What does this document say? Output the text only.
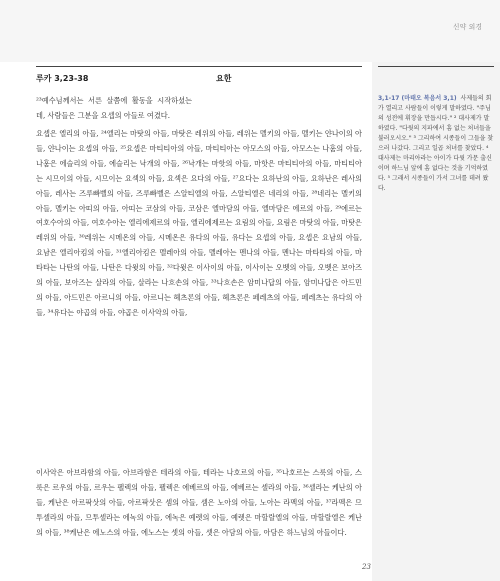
신약 외경
루카 3,23-38	요한

²³예수님께서는 서른 살쯤에 활동을 시작하셨는데, 사람들은 그분을 요셉의 아들로 여겼다.

요셉은 엘리의 아들, ²⁴엘리는 마탓의 아들, 마탓은 레위의 아들, 레위는 멜키의 아들, 멜키는 얀나이의 아들, 얀나이는 요셉의 아들, ²⁵요셉은 마티티아의 아들, 마티티아는 아모스의 아들, 아모스는 나훔의 아들, 나훔은 에슬리의 아들, 에슬리는 낙개의 아들, ²⁶낙개는 마핫의 아들, 마핫은 마티티아의 아들, 마티티아는 시므이의 아들, 시므이는 요섹의 아들, 요섹은 요다의 아들, ²⁷요다는 요하난의 아들, 요하난은 레사의 아들, 레사는 즈루빠벨의 아들, 즈루빠벨은 스알티엘의 아들, 스알티엘은 네리의 아들, ²⁸네리는 멜키의 아들, 멜키는 아띠의 아들, 아띠는 코삼의 아들, 코삼은 엘마담의 아들, 엘마담은 에르의 아들, ²⁹에르는 여호수아의 아들, 여호수아는 엘리에제르의 아들, 엘리에제르는 요림의 아들, 요림은 마탓의 아들, 마탓은 레위의 아들, ³⁰레위는 시메온의 아들, 시메온은 유다의 아들, 유다는 요셉의 아들, 요셉은 요남의 아들, 요남은 엘리아킴의 아들, ³¹엘리아킴은 멜레아의 아들, 멜레아는 멘나의 아들, 멘나는 마타타의 아들, 마타타는 나탄의 아들, 나탄은 다윗의 아들, ³²다윗은 이사이의 아들, 이사이는 오벳의 아들, 오벳은 보아즈의 아들, 보아즈는 살라의 아들, 살라는 나흐손의 아들, ³³나흐손은 암미나답의 아들, 암미나답은 아드민의 아들, 아드민은 아르니의 아들, 아르니는 헤츠론의 아들, 헤츠론은 페레츠의 아들, 페레츠는 유다의 아들, ³⁴유다는 야곱의 아들, 야곱은 이사악의 아들,

이사악은 아브라함의 아들, 아브라함은 테라의 아들, 테라는 나호르의 아들, ³⁵나호르는 스룩의 아들, 스룩은 르우의 아들, 르우는 펠렉의 아들, 펠렉은 에베르의 아들, 에베르는 셀라의 아들, ³⁶셀라는 케난의 아들, 케난은 아르팍삿의 아들, 아르팍삿은 셈의 아들, 셈은 노아의 아들, 노아는 라멕의 아들, ³⁷라멕은 므투셀라의 아들, 므투셀라는 에녹의 아들, 에녹은 예렛의 아들, 예렛은 마할랄엘의 아들, 마할랄엘은 케난의 아들, ³⁸케난은 에노스의 아들, 에노스는 셋의 아들, 셋은 아담의 아들, 아담은 하느님의 아들이다.

3,1-17 (마태오 복음서 3,1) 사제들의 회가 열리고 사람들이 이렇게 말하였다. "주님의 성전에 휘장을 만듭시다." ² 대사제가 말하였다. "다윗의 지파에서 흠 없는 처녀들을 불러오시오." ³ 그리하여 시종들이 그들을 찾으러 나갔다. 그리고 일곱 처녀를 찾았다. ⁴ 대사제는 마리아라는 아이가 다윗 가문 출신이며 하느님 앞에 흠 없다는 것을 기억하였다. ⁵ 그래서 시종들이 가서 그녀를 데려 왔다.

23
